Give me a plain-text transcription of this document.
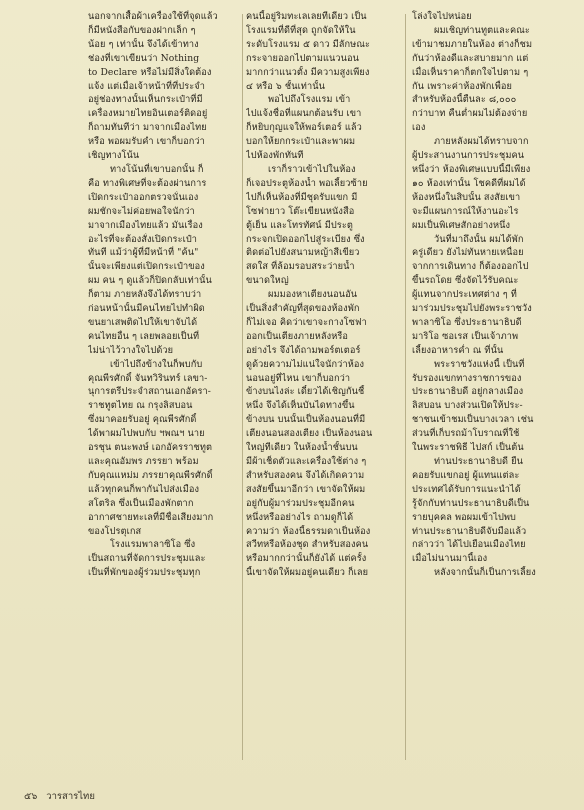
นอกจากเสื้อผ้าเครื่องใช้ที่จุดแล้ว
ก็มีหนังสือกับของฝากเล็ก ๆ
น้อย ๆ เท่านั้น จึงได้เข้าทาง
ช่องที่เขาเขียนว่า Nothing
to Declare หรือไม่มีสิ่งใดต้อง
แจ้ง แต่เมื่อเจ้าหน้าที่ที่ประจำ
อยู่ช่องทางนั้นเห็นกระเป๋าที่มี
เครื่องหมายไทยอินเตอร์ติดอยู่
ก็ถามทันทีว่า มาจากเมืองไทย
หรือ พอผมรับคำ เขาก็บอกว่า
เชิญทางโน้น
ทางโน้นที่เขาบอกนั้น ก็
คือ ทางพิเศษที่จะต้องผ่านการ
เปิดกระเป๋าออกตรวจนั่นเอง
ผมชักจะไม่ค่อยพอใจนักว่า
มาจากเมืองไทยแล้ว มันเรื่อง
อะไรที่จะต้องสั่งเปิดกระเป๋า
ทันที แม้ว่าผู้ที่มีหน้าที่ "ค้น"
นั้นจะเพียงแต่เปิดกระเป๋าของ
ผม คน ๆ ดูแล้วก็ปิดกลับเท่านั้น
ก็ตาม ภายหลังจึงได้ทราบว่า
ก่อนหน้านั้นมีคนไทยไปทำผิด
ขนยาเสพติดไปให้เขาจับได้
คนไทยอื่น ๆ เลยพลอยเป็นที่
ไม่น่าไว้วางใจไปด้วย
เข้าไปถึงข้างในก็พบกับ
คุณพีรศักดิ์ จันทวิรินทร์ เลขา-
นุการตรีประจำสถานเอกอัครา-
ราชทูตไทย ณ กรุงลิสบอน
ซึ่งมาคอยรับอยู่ คุณพีรศักดิ์
ได้พาผมไปพบกับ ฯพณฯ นาย
อรชุน ตนะพงษ์ เอกอัครราชทูต
และคุณอัมพร ภรรยา พร้อม
กับคุณแหม่ม ภรรยาคุณพีรศักดิ์
แล้วทุกคนก็พากันไปส่งเมือง
สโตริล ซึ่งเป็นเมืองพักตาก
อากาศชายทะเลที่มีชื่อเสียงมาก
ของโปรตุเกส
โรงแรมพาลาซิโอ ซึ่ง
เป็นสถานที่จัดการประชุมและ
เป็นที่พักของผู้ร่วมประชุมทุก
คนนี้อยู่ริมทะเลเลยทีเดียว เป็น
โรงแรมที่ดีที่สุด ถูกจัดให้ใน
ระดับโรงแรม ๕ ดาว มีลักษณะ
กระจายออกไปตามแนวนอน
มากกว่าแนวตั้ง มีความสูงเพียง
๔ หรือ ๖ ชั้นเท่านั้น
พอไปถึงโรงแรม เข้า
ไปแจ้งชื่อที่แผนกต้อนรับ เขา
ก็หยิบกุญแจให้พอร์เตอร์ แล้ว
บอกให้ยกกระเป๋าและพาผม
ไปห้องพักทันที
เราก็ราวเข้าไปในห้อง
ก็เจอประตูห้องน้ำ พอเลี้ยวซ้าย
ไปก็เห็นห้องที่มีชุดรับแขก มี
โซฟายาว โต๊ะเขียนหนังสือ
ตู้เย็น และโทรทัศน์ มีประตู
กระจกเปิดออกไปสู่ระเบียง ซึ่ง
ติดต่อไปยังสนามหญ้าสีเขียว
สดใส ที่ล้อมรอบสระว่ายน้ำ
ขนาดใหญ่
ผมมองหาเตียงนอนอัน
เป็นสิ่งสำคัญที่สุดของห้องพัก
ก็ไม่เจอ คิดว่าเขาจะกางโซฟา
ออกเป็นเตียงภายหลังหรือ
อย่างไร จึงได้ถามพอร์ตเตอร์
ดูด้วยความไม่แน่ใจนักว่าห้อง
นอนอยู่ที่ไหน เขาก็บอกว่า
ข้างบนไงล่ะ เดี๋ยวได้เชิญกันชี้
หนึ่ง จึงได้เห็นบันไดทางขึ้น
ข้างบน บนนั้นเป็นห้องนอนที่มี
เตียงนอนสองเตียง เป็นห้องนอน
ใหญ่ทีเดียว ในห้องน้ำชั้นบน
มีผ้าเช็ดตัวและเครื่องใช้ต่าง ๆ
สำหรับสองคน จึงได้เกิดความ
สงสัยขึ้นมาอีกว่า เขาจัดให้ผม
อยู่กับผู้มาร่วมประชุมอีกคน
หนึ่งหรืออย่างไร ถามดูก็ได้
ความว่า ห้องนี้ธรรมดาเป็นห้อง
สวีทหรือห้องชุด สำหรับสองคน
หรือมากกว่านั้นก็ยังได้ แต่ครั้ง
นี้เขาจัดให้ผมอยู่คนเดียว ก็เลย
โล่งใจไปหน่อย
ผมเชิญท่านทูตและคณะ
เข้ามาชมภายในห้อง ต่างก็ชม
กันว่าห้องดีและสบายมาก แต่
เมื่อเห็นราคาก็ตกใจไปตาม ๆ
กัน เพราะค่าห้องพักเพื่อย
สำหรับห้องนี้ตืนละ ๘,๐๐๐
กว่าบาท คืนต่ำผมไม่ต้องจ่าย
เอง
ภายหลังผมได้ทราบจาก
ผู้ประสานงานการประชุมคน
หนึ่งว่า ห้องพิเศษแบบนี้มีเพียง
๑๐ ห้องเท่านั้น โชคดีที่ผมได้
ห้องหนึ่งในสิบนั้น สงสัยเขา
จะมีแผนการณ์ให้งานอะไร
ผมเป็นพิเศษสักอย่างหนึ่ง
วันที่มาถึงนั้น ผมได้พัก
ครู่เดียว ยังไม่ทันหายเหนื่อย
จากการเดินทาง ก็ต้องออกไป
ขึ้นรถโดย ซึ่งจัดไว้รับคณะ
ผู้แทนจากประเทศต่าง ๆ ที่
มาร่วมประชุมไปยังพระราชวัง
พาลาซิโอ ซึ่งประธานาธิบดี
มาริโอ ซอเรส เป็นเจ้าภาพ
เลี้ยงอาหารค่ำ ณ ที่นั้น
พระราชวังแห่งนี้ เป็นที่
รับรองแขกทางราชการของ
ประธานาธิบดี อยู่กลางเมือง
ลิสบอน บางส่วนเปิดให้ประ-
ชาชนเข้าชมเป็นบางเวลา เช่น
ส่วนที่เก็บรถม้าโบราณที่ใช้
ในพระราชพิธี ไปสก์ เป็นต้น
ท่านประธานาธิบดี ยืน
คอยรับแขกอยู่ ผู้แทนแต่ละ
ประเทศได้รับการแนะนำได้
รู้จักกับท่านประธานาธิบดีเป็น
รายบุคคล พอผมเข้าไปพบ
ท่านประธานาธิบดีจับมือแล้ว
กล่าวว่า ได้ไปเยือนเมืองไทย
เมื่อไม่นานมานี้เอง
หลังจากนั้นก็เป็นการเลี้ยง
๕๖ วารสารไทย
